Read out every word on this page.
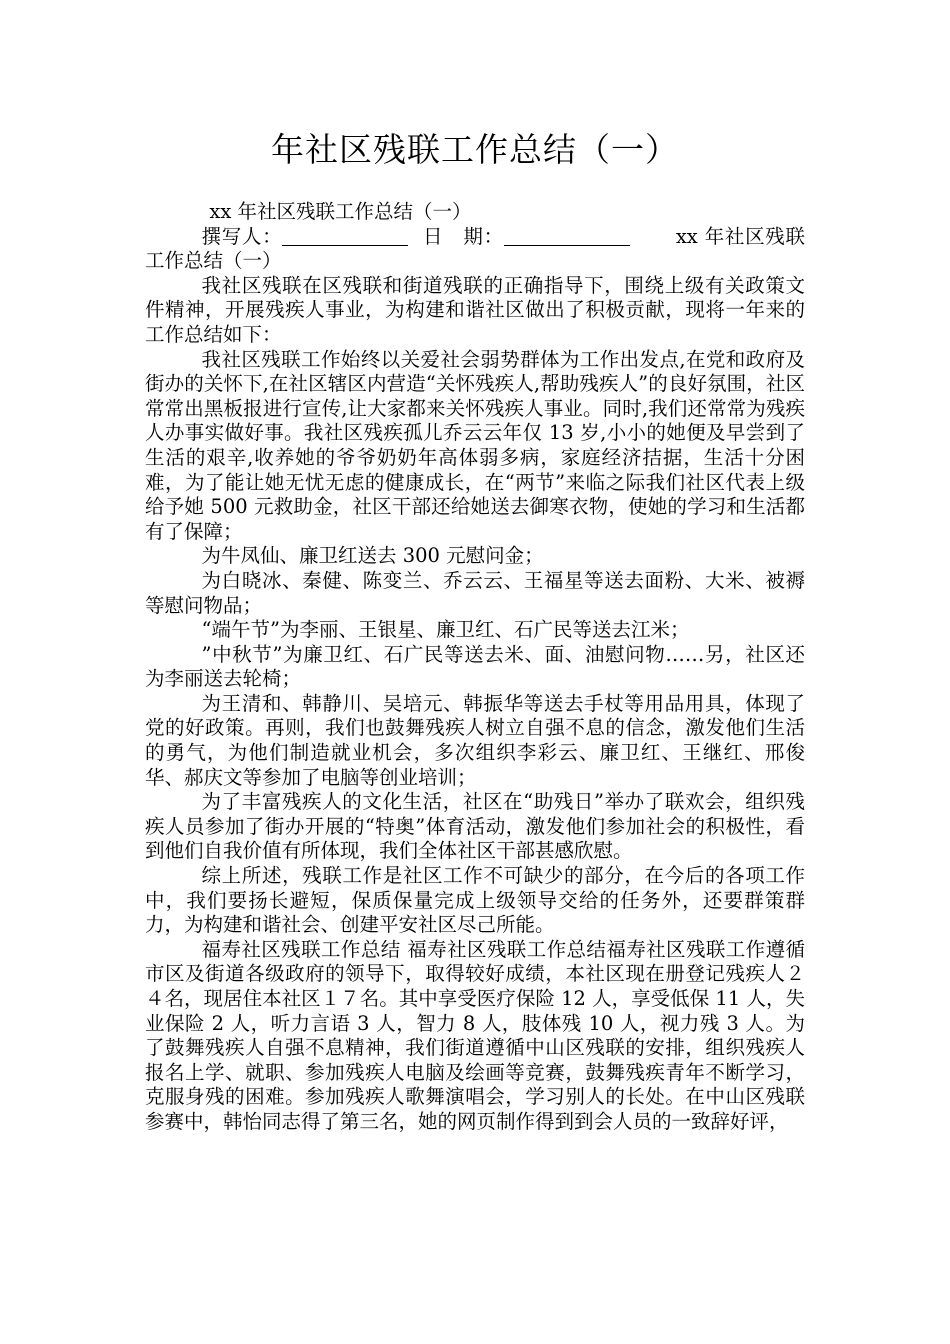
年社区残联工作总结（一）

xx 年社区残联工作总结（一）

撰写人：	日　期：	xx 年社区残联工作总结（一）

我社区残联在区残联和街道残联的正确指导下，围绕上级有关政策文件精神，开展残疾人事业，为构建和谐社区做出了积极贡献，现将一年来的工作总结如下：

我社区残联工作始终以关爱社会弱势群体为工作出发点,在党和政府及街办的关怀下,在社区辖区内营造“关怀残疾人,帮助残疾人”的良好氛围，社区常常出黑板报进行宣传,让大家都来关怀残疾人事业。同时,我们还常常为残疾人办事实做好事。我社区残疾孤儿乔云云年仅 13 岁,小小的她便及早尝到了生活的艰辛,收养她的爷爷奶奶年高体弱多病，家庭经济拮据，生活十分困难，为了能让她无忧无虑的健康成长，在“两节”来临之际我们社区代表上级给予她 500 元救助金，社区干部还给她送去御寒衣物，使她的学习和生活都有了保障；

为牛凤仙、廉卫红送去 300 元慰问金；

为白晓冰、秦健、陈变兰、乔云云、王福星等送去面粉、大米、被褥等慰问物品；

“端午节”为李丽、王银星、廉卫红、石广民等送去江米；

”中秋节”为廉卫红、石广民等送去米、面、油慰问物……另，社区还为李丽送去轮椅；

为王清和、韩静川、吴培元、韩振华等送去手杖等用品用具，体现了党的好政策。再则，我们也鼓舞残疾人树立自强不息的信念，激发他们生活的勇气，为他们制造就业机会，多次组织李彩云、廉卫红、王继红、邢俊华、郝庆文等参加了电脑等创业培训；

为了丰富残疾人的文化生活，社区在“助残日”举办了联欢会，组织残疾人员参加了街办开展的“特奥”体育活动，激发他们参加社会的积极性，看到他们自我价值有所体现，我们全体社区干部甚感欣慰。

综上所述，残联工作是社区工作不可缺少的部分，在今后的各项工作中，我们要扬长避短，保质保量完成上级领导交给的任务外，还要群策群力，为构建和谐社会、创建平安社区尽己所能。

福寿社区残联工作总结 福寿社区残联工作总结福寿社区残联工作遵循市区及街道各级政府的领导下，取得较好成绩，本社区现在册登记残疾人２４名，现居住本社区１７名。其中享受医疗保险 12 人，享受低保 11 人，失业保险 2 人，听力言语 3 人，智力 8 人，肢体残 10 人，视力残 3 人。为了鼓舞残疾人自强不息精神，我们街道遵循中山区残联的安排，组织残疾人报名上学、就职、参加残疾人电脑及绘画等竞赛，鼓舞残疾青年不断学习，克服身残的困难。参加残疾人歌舞演唱会，学习别人的长处。在中山区残联参赛中，韩怡同志得了第三名，她的网页制作得到到会人员的一致辞好评，
